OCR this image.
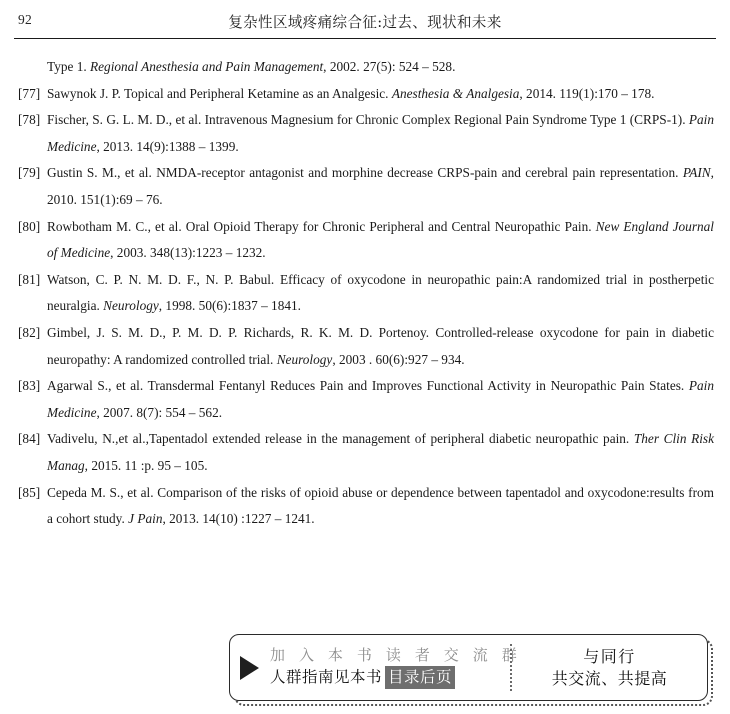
92	复杂性区域疼痛综合征:过去、现状和未来

Type 1. Regional Anesthesia and Pain Management, 2002. 27(5): 524 – 528.

[77] Sawynok J. P. Topical and Peripheral Ketamine as an Analgesic. Anesthesia & Analgesia, 2014. 119(1):170 – 178.

[78] Fischer, S. G. L. M. D., et al. Intravenous Magnesium for Chronic Complex Regional Pain Syndrome Type 1 (CRPS-1). Pain Medicine, 2013. 14(9):1388 – 1399.

[79] Gustin S. M., et al. NMDA-receptor antagonist and morphine decrease CRPS-pain and cerebral pain representation. PAIN, 2010. 151(1):69 – 76.

[80] Rowbotham M. C., et al. Oral Opioid Therapy for Chronic Peripheral and Central Neuropathic Pain. New England Journal of Medicine, 2003. 348(13):1223 – 1232.

[81] Watson, C. P. N. M. D. F., N. P. Babul. Efficacy of oxycodone in neuropathic pain:A randomized trial in postherpetic neuralgia. Neurology, 1998. 50(6):1837 – 1841.

[82] Gimbel, J. S. M. D., P. M. D. P. Richards, R. K. M. D. Portenoy. Controlled-release oxycodone for pain in diabetic neuropathy: A randomized controlled trial. Neurology, 2003 . 60(6):927 – 934.

[83] Agarwal S., et al. Transdermal Fentanyl Reduces Pain and Improves Functional Activity in Neuropathic Pain States. Pain Medicine, 2007. 8(7): 554 – 562.

[84] Vadivelu, N.,et al.,Tapentadol extended release in the management of peripheral diabetic neuropathic pain. Ther Clin Risk Manag, 2015. 11 :p. 95 – 105.

[85] Cepeda M. S., et al. Comparison of the risks of opioid abuse or dependence between tapentadol and oxycodone:results from a cohort study. J Pain, 2013. 14(10) :1227 – 1241.

加 入 本 书 读 者 交 流 群
人群指南见本书 目录后页
与同行
共交流、共提高
